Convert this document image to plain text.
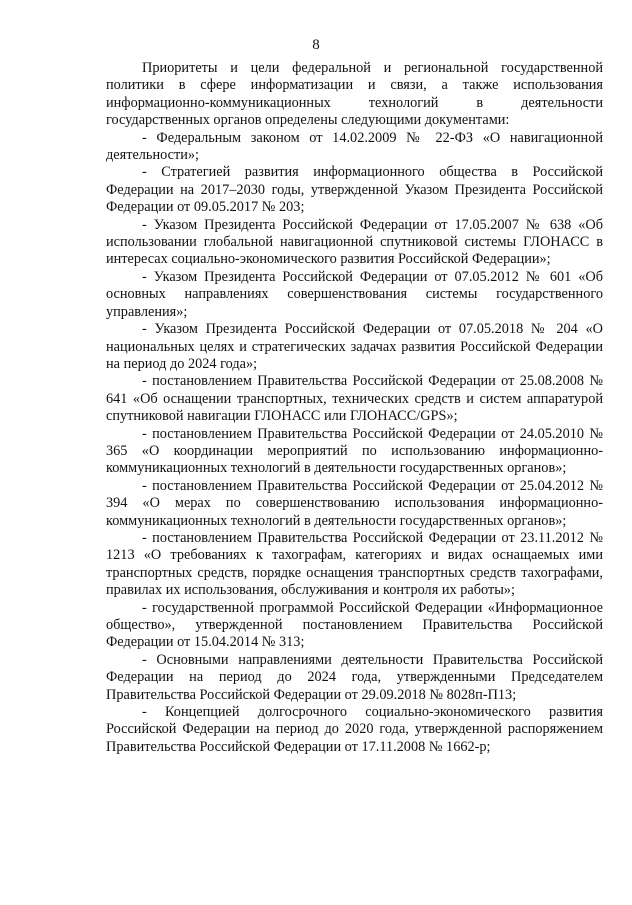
8

Приоритеты и цели федеральной и региональной государственной политики в сфере информатизации и связи, а также использования информационно-коммуникационных технологий в деятельности государственных органов определены следующими документами:

- Федеральным законом от 14.02.2009 № 22-ФЗ «О навигационной деятельности»;

- Стратегией развития информационного общества в Российской Федерации на 2017–2030 годы, утвержденной Указом Президента Российской Федерации от 09.05.2017 № 203;

- Указом Президента Российской Федерации от 17.05.2007 № 638 «Об использовании глобальной навигационной спутниковой системы ГЛОНАСС в интересах социально-экономического развития Российской Федерации»;

- Указом Президента Российской Федерации от 07.05.2012 № 601 «Об основных направлениях совершенствования системы государственного управления»;

- Указом Президента Российской Федерации от 07.05.2018 № 204 «О национальных целях и стратегических задачах развития Российской Федерации на период до 2024 года»;

- постановлением Правительства Российской Федерации от 25.08.2008 № 641 «Об оснащении транспортных, технических средств и систем аппаратурой спутниковой навигации ГЛОНАСС или ГЛОНАСС/GPS»;

- постановлением Правительства Российской Федерации от 24.05.2010 № 365 «О координации мероприятий по использованию информационно-коммуникационных технологий в деятельности государственных органов»;

- постановлением Правительства Российской Федерации от 25.04.2012 № 394 «О мерах по совершенствованию использования информационно-коммуникационных технологий в деятельности государственных органов»;

- постановлением Правительства Российской Федерации от 23.11.2012 № 1213 «О требованиях к тахографам, категориях и видах оснащаемых ими транспортных средств, порядке оснащения транспортных средств тахографами, правилах их использования, обслуживания и контроля их работы»;

- государственной программой Российской Федерации «Информационное общество», утвержденной постановлением Правительства Российской Федерации от 15.04.2014 № 313;

- Основными направлениями деятельности Правительства Российской Федерации на период до 2024 года, утвержденными Председателем Правительства Российской Федерации от 29.09.2018 № 8028п-П13;

- Концепцией долгосрочного социально-экономического развития Российской Федерации на период до 2020 года, утвержденной распоряжением Правительства Российской Федерации от 17.11.2008 № 1662-р;
